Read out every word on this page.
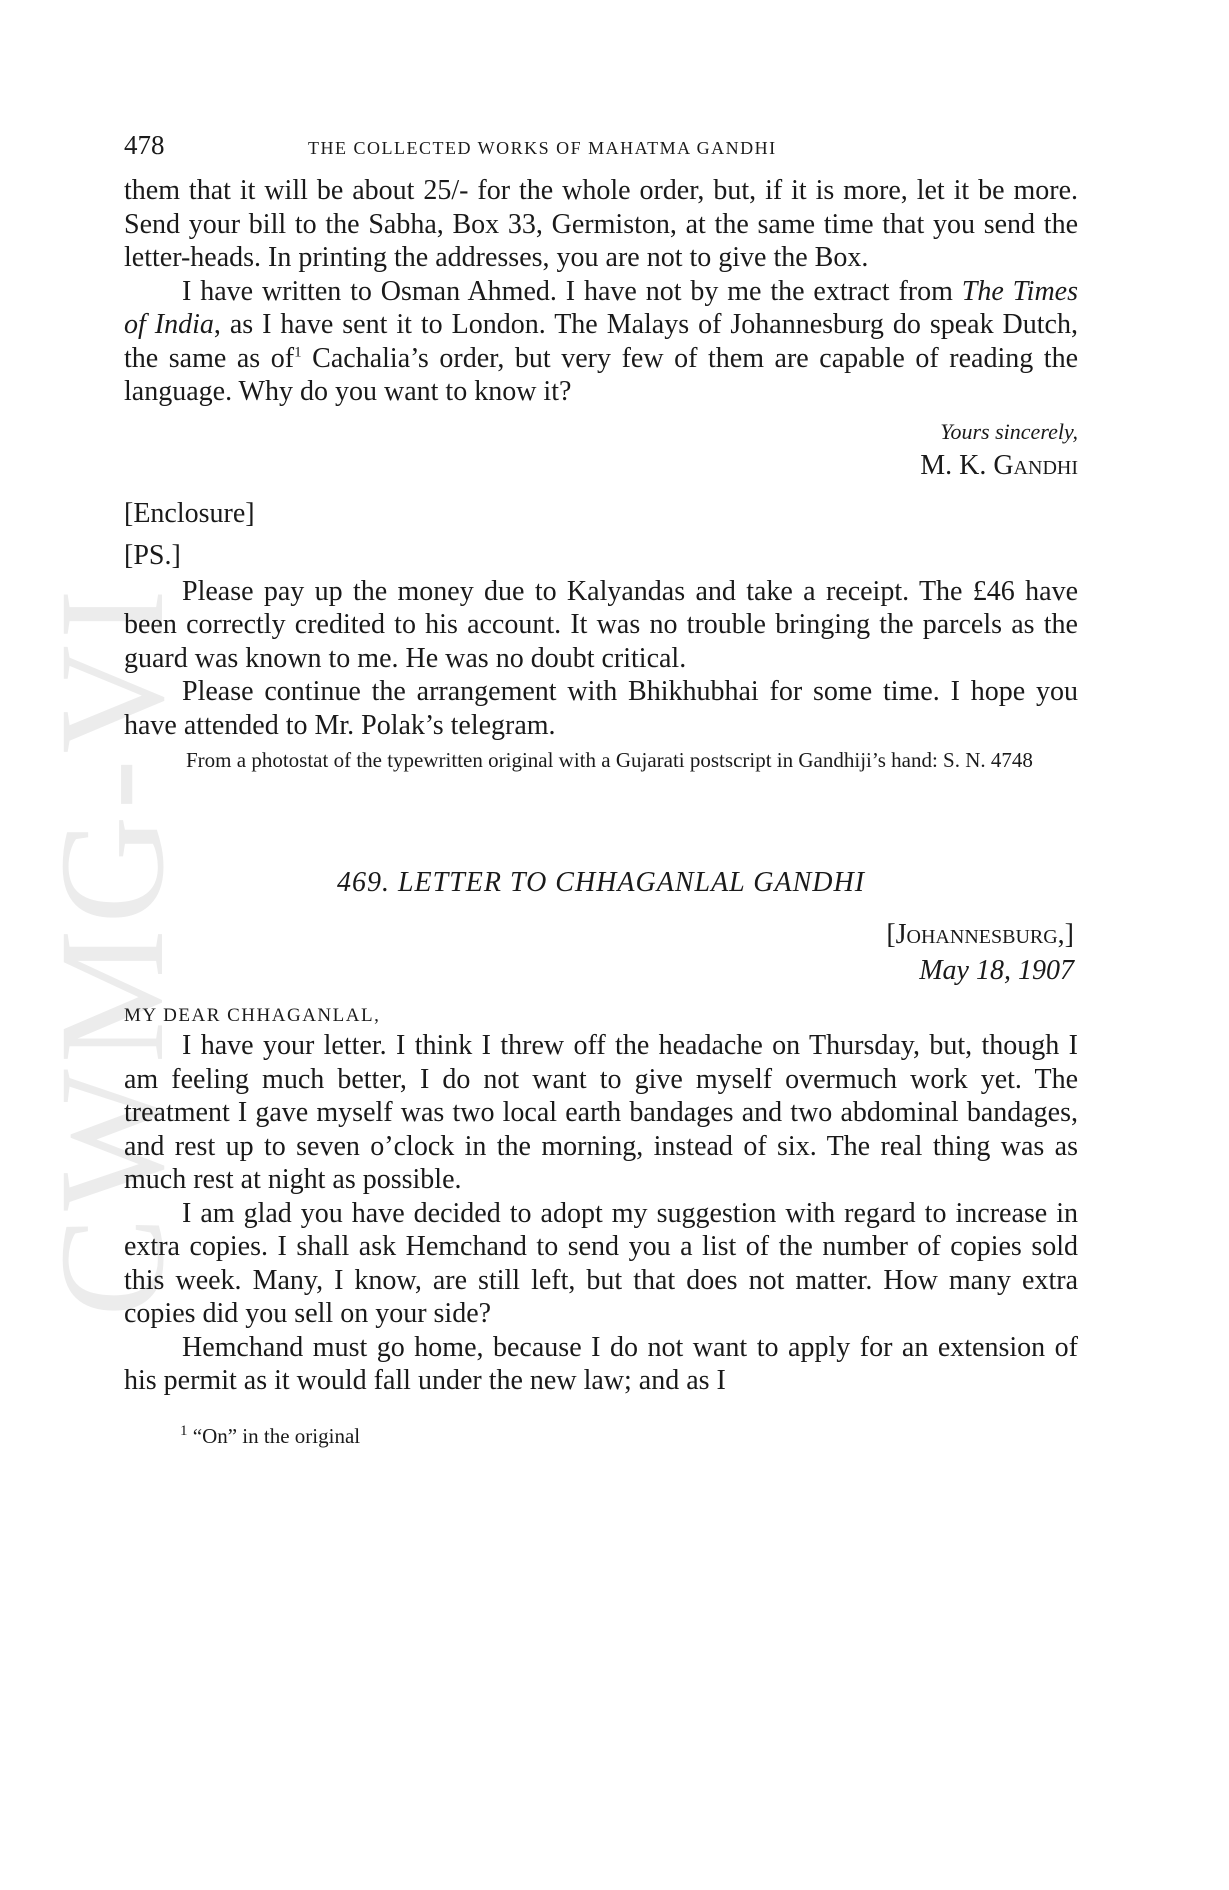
CWMG-VI
478	THE COLLECTED WORKS OF MAHATMA GANDHI

them that it will be about 25/- for the whole order, but, if it is more, let it be more. Send your bill to the Sabha, Box 33, Germiston, at the same time that you send the letter-heads. In printing the addresses, you are not to give the Box.

I have written to Osman Ahmed. I have not by me the extract from The Times of India, as I have sent it to London. The Malays of Johannesburg do speak Dutch, the same as $of^1$ Cachalia’s order, but very few of them are capable of reading the language. Why do you want to know it?

Yours sincerely,
M. K. Gandhi

[Enclosure]

[PS.]

Please pay up the money due to Kalyandas and take a receipt. The £46 have been correctly credited to his account. It was no trouble bringing the parcels as the guard was known to me. He was no doubt critical.

Please continue the arrangement with Bhikhubhai for some time. I hope you have attended to Mr. Polak’s telegram.

From a photostat of the typewritten original with a Gujarati postscript in Gandhiji’s hand: S. N. 4748

469. LETTER TO CHHAGANLAL GANDHI
[Johannesburg,]
May 18, 1907
MY DEAR CHHAGANLAL,

I have your letter. I think I threw off the headache on Thursday, but, though I am feeling much better, I do not want to give myself overmuch work yet. The treatment I gave myself was two local earth bandages and two abdominal bandages, and rest up to seven o’clock in the morning, instead of six. The real thing was as much rest at night as possible.

I am glad you have decided to adopt my suggestion with regard to increase in extra copies. I shall ask Hemchand to send you a list of the number of copies sold this week. Many, I know, are still left, but that does not matter. How many extra copies did you sell on your side?

Hemchand must go home, because I do not want to apply for an extension of his permit as it would fall under the new law; and as I

$^1$ “On” in the original
